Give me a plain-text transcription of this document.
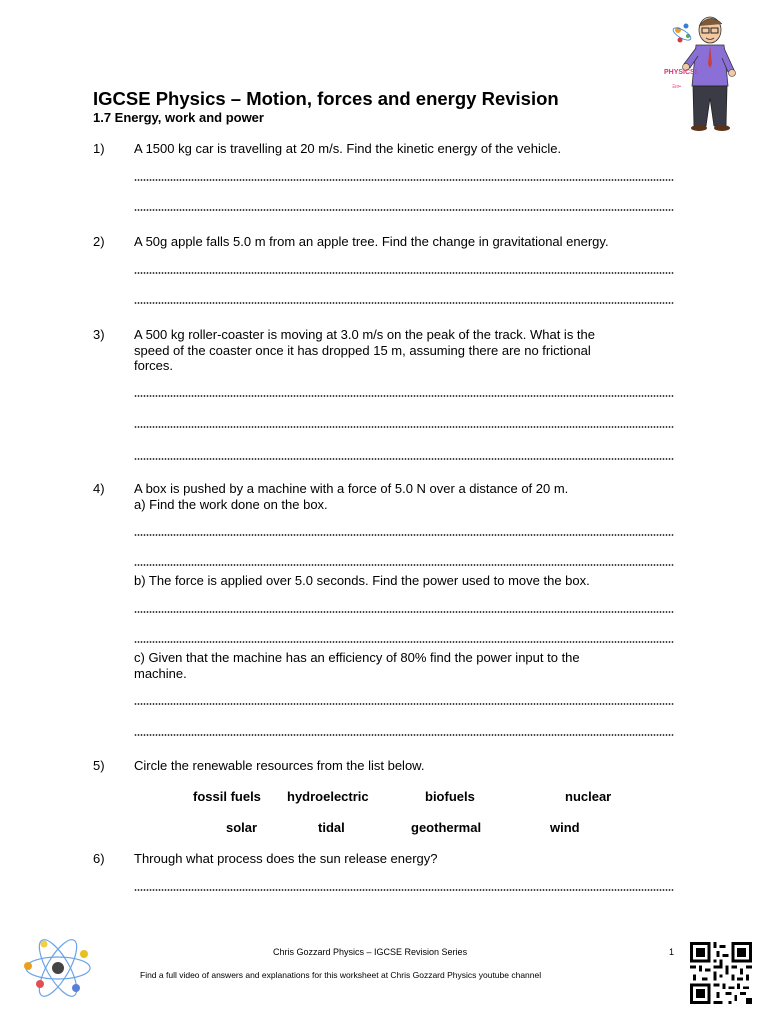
IGCSE Physics – Motion, forces and energy Revision
1.7 Energy, work and power
PHYSICS!
Ξι¤•
1) A 1500 kg car is travelling at 20 m/s. Find the kinetic energy of the vehicle.
2) A 50g apple falls 5.0 m from an apple tree. Find the change in gravitational energy.
3) A 500 kg roller-coaster is moving at 3.0 m/s on the peak of the track. What is the
speed of the coaster once it has dropped 15 m, assuming there are no frictional
forces.
4) A box is pushed by a machine with a force of 5.0 N over a distance of 20 m.
a) Find the work done on the box.
b) The force is applied over 5.0 seconds. Find the power used to move the box.
c) Given that the machine has an efficiency of 80% find the power input to the
machine.
5) Circle the renewable resources from the list below.
fossil fuels hydroelectric	biofuels	nuclear
solar	tidal	geothermal	wind
6) Through what process does the sun release energy?
Chris Gozzard Physics – IGCSE Revision Series	1
Find a full video of answers and explanations for this worksheet at Chris Gozzard Physics youtube channel
